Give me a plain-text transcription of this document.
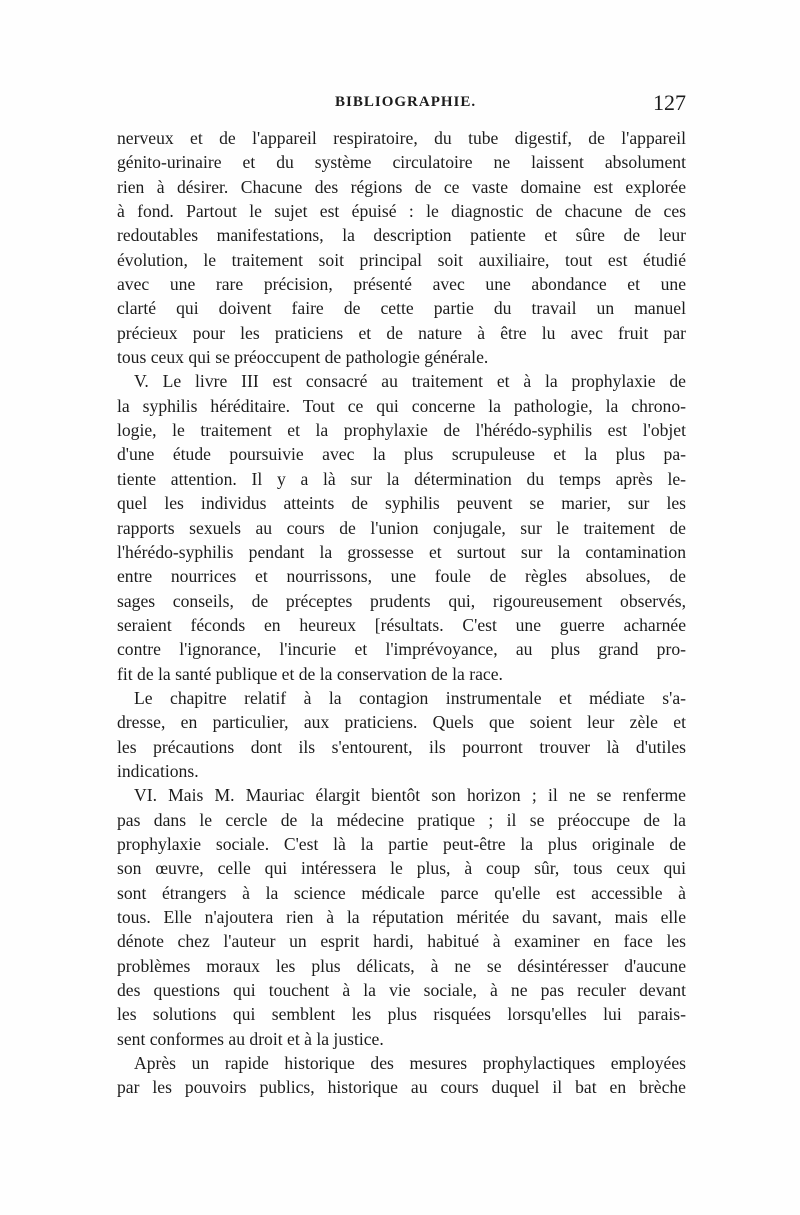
BIBLIOGRAPHIE.	127
nerveux et de l'appareil respiratoire, du tube digestif, de l'appareil
génito-urinaire et du système circulatoire ne laissent absolument
rien à désirer. Chacune des régions de ce vaste domaine est explorée
à fond. Partout le sujet est épuisé : le diagnostic de chacune de ces
redoutables manifestations, la description patiente et sûre de leur
évolution, le traitement soit principal soit auxiliaire, tout est étudié
avec une rare précision, présenté avec une abondance et une
clarté qui doivent faire de cette partie du travail un manuel
précieux pour les praticiens et de nature à être lu avec fruit par
tous ceux qui se préoccupent de pathologie générale.
V. Le livre III est consacré au traitement et à la prophylaxie de
la syphilis héréditaire. Tout ce qui concerne la pathologie, la chrono-
logie, le traitement et la prophylaxie de l'hérédo-syphilis est l'objet
d'une étude poursuivie avec la plus scrupuleuse et la plus pa-
tiente attention. Il y a là sur la détermination du temps après le-
quel les individus atteints de syphilis peuvent se marier, sur les
rapports sexuels au cours de l'union conjugale, sur le traitement de
l'hérédo-syphilis pendant la grossesse et surtout sur la contamination
entre nourrices et nourrissons, une foule de règles absolues, de
sages conseils, de préceptes prudents qui, rigoureusement observés,
seraient féconds en heureux [résultats. C'est une guerre acharnée
contre l'ignorance, l'incurie et l'imprévoyance, au plus grand pro-
fit de la santé publique et de la conservation de la race.
Le chapitre relatif à la contagion instrumentale et médiate s'a-
dresse, en particulier, aux praticiens. Quels que soient leur zèle et
les précautions dont ils s'entourent, ils pourront trouver là d'utiles
indications.
VI. Mais M. Mauriac élargit bientôt son horizon ; il ne se renferme
pas dans le cercle de la médecine pratique ; il se préoccupe de la
prophylaxie sociale. C'est là la partie peut-être la plus originale de
son œuvre, celle qui intéressera le plus, à coup sûr, tous ceux qui
sont étrangers à la science médicale parce qu'elle est accessible à
tous. Elle n'ajoutera rien à la réputation méritée du savant, mais elle
dénote chez l'auteur un esprit hardi, habitué à examiner en face les
problèmes moraux les plus délicats, à ne se désintéresser d'aucune
des questions qui touchent à la vie sociale, à ne pas reculer devant
les solutions qui semblent les plus risquées lorsqu'elles lui parais-
sent conformes au droit et à la justice.
Après un rapide historique des mesures prophylactiques employées
par les pouvoirs publics, historique au cours duquel il bat en brèche
